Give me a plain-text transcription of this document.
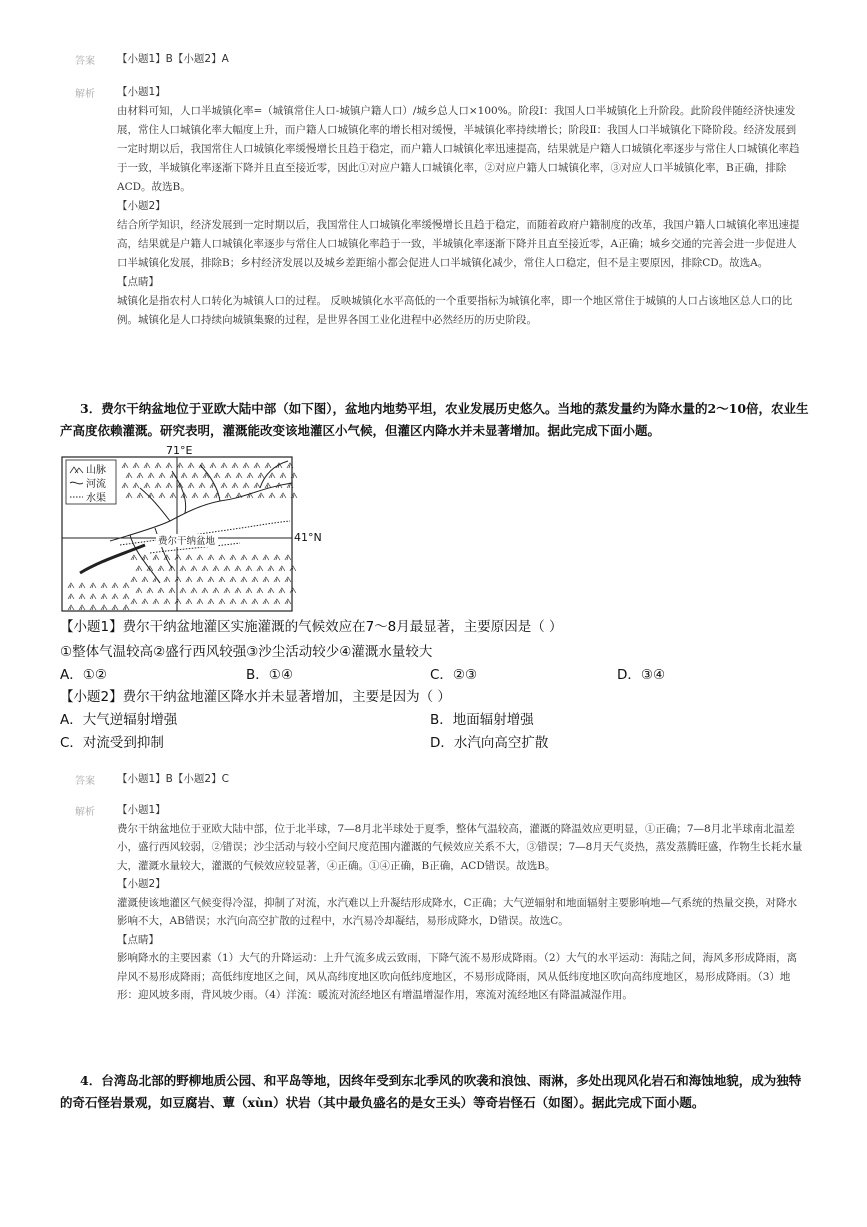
答案	【小题1】B【小题2】A
解析	【小题1】

由材料可知，人口半城镇化率=（城镇常住人口-城镇户籍人口）/城乡总人口×100%。阶段Ⅰ：我国人口半城镇化上升阶段。此阶段伴随经济快速发展，常住人口城镇化率大幅度上升，而户籍人口城镇化率的增长相对缓慢，半城镇化率持续增长；阶段Ⅱ：我国人口半城镇化下降阶段。经济发展到一定时期以后，我国常住人口城镇化率缓慢增长且趋于稳定，而户籍人口城镇化率迅速提高，结果就是户籍人口城镇化率逐步与常住人口城镇化率趋于一致，半城镇化率逐渐下降并且直至接近零，因此①对应户籍人口城镇化率，②对应户籍人口城镇化率，③对应人口半城镇化率，B正确，排除ACD。故选B。

【小题2】

结合所学知识，经济发展到一定时期以后，我国常住人口城镇化率缓慢增长且趋于稳定，而随着政府户籍制度的改革，我国户籍人口城镇化率迅速提高，结果就是户籍人口城镇化率逐步与常住人口城镇化率趋于一致，半城镇化率逐渐下降并且直至接近零，A正确；城乡交通的完善会进一步促进人口半城镇化发展，排除B；乡村经济发展以及城乡差距缩小都会促进人口半城镇化减少，常住人口稳定，但不是主要原因，排除CD。故选A。

【点睛】

城镇化是指农村人口转化为城镇人口的过程。 反映城镇化水平高低的一个重要指标为城镇化率，即一个地区常住于城镇的人口占该地区总人口的比例。城镇化是人口持续向城镇集聚的过程，是世界各国工业化进程中必然经历的历史阶段。

3．费尔干纳盆地位于亚欧大陆中部（如下图），盆地内地势平坦，农业发展历史悠久。当地的蒸发量约为降水量的2～10倍，农业生产高度依赖灌溉。研究表明，灌溉能改变该地灌区小气候，但灌区内降水并未显著增加。据此完成下面小题。
71°E
41°N
山脉
河流
水渠
费尔干纳盆地
【小题1】费尔干纳盆地灌区实施灌溉的气候效应在7～8月最显著，主要原因是（ ）
①整体气温较高②盛行西风较强③沙尘活动较少④灌溉水量较大
A．①②	B．①④	C．②③	D．③④
【小题2】费尔干纳盆地灌区降水并未显著增加，主要是因为（ ）
A．大气逆辐射增强	B．地面辐射增强
C．对流受到抑制	D．水汽向高空扩散
答案	【小题1】B【小题2】C
解析	【小题1】

费尔干纳盆地位于亚欧大陆中部，位于北半球，7—8月北半球处于夏季，整体气温较高，灌溉的降温效应更明显，①正确；7—8月北半球南北温差小，盛行西风较弱，②错误；沙尘活动与较小空间尺度范围内灌溉的气候效应关系不大，③错误；7—8月天气炎热，蒸发蒸腾旺盛，作物生长耗水量大，灌溉水量较大，灌溉的气候效应较显著，④正确。①④正确，B正确，ACD错误。故选B。

【小题2】

灌溉使该地灌区气候变得冷湿，抑制了对流，水汽难以上升凝结形成降水，C正确；大气逆辐射和地面辐射主要影响地—气系统的热量交换，对降水影响不大，AB错误；水汽向高空扩散的过程中，水汽易冷却凝结，易形成降水，D错误。故选C。

【点睛】

影响降水的主要因素（1）大气的升降运动：上升气流多成云致雨，下降气流不易形成降雨。（2）大气的水平运动：海陆之间，海风多形成降雨，离岸风不易形成降雨；高低纬度地区之间，风从高纬度地区吹向低纬度地区，不易形成降雨，风从低纬度地区吹向高纬度地区，易形成降雨。（3）地形：迎风坡多雨，背风坡少雨。（4）洋流：暖流对流经地区有增温增湿作用，寒流对流经地区有降温减湿作用。

4．台湾岛北部的野柳地质公园、和平岛等地，因终年受到东北季风的吹袭和浪蚀、雨淋，多处出现风化岩石和海蚀地貌，成为独特的奇石怪岩景观，如豆腐岩、蕈（xùn）状岩（其中最负盛名的是女王头）等奇岩怪石（如图）。据此完成下面小题。
